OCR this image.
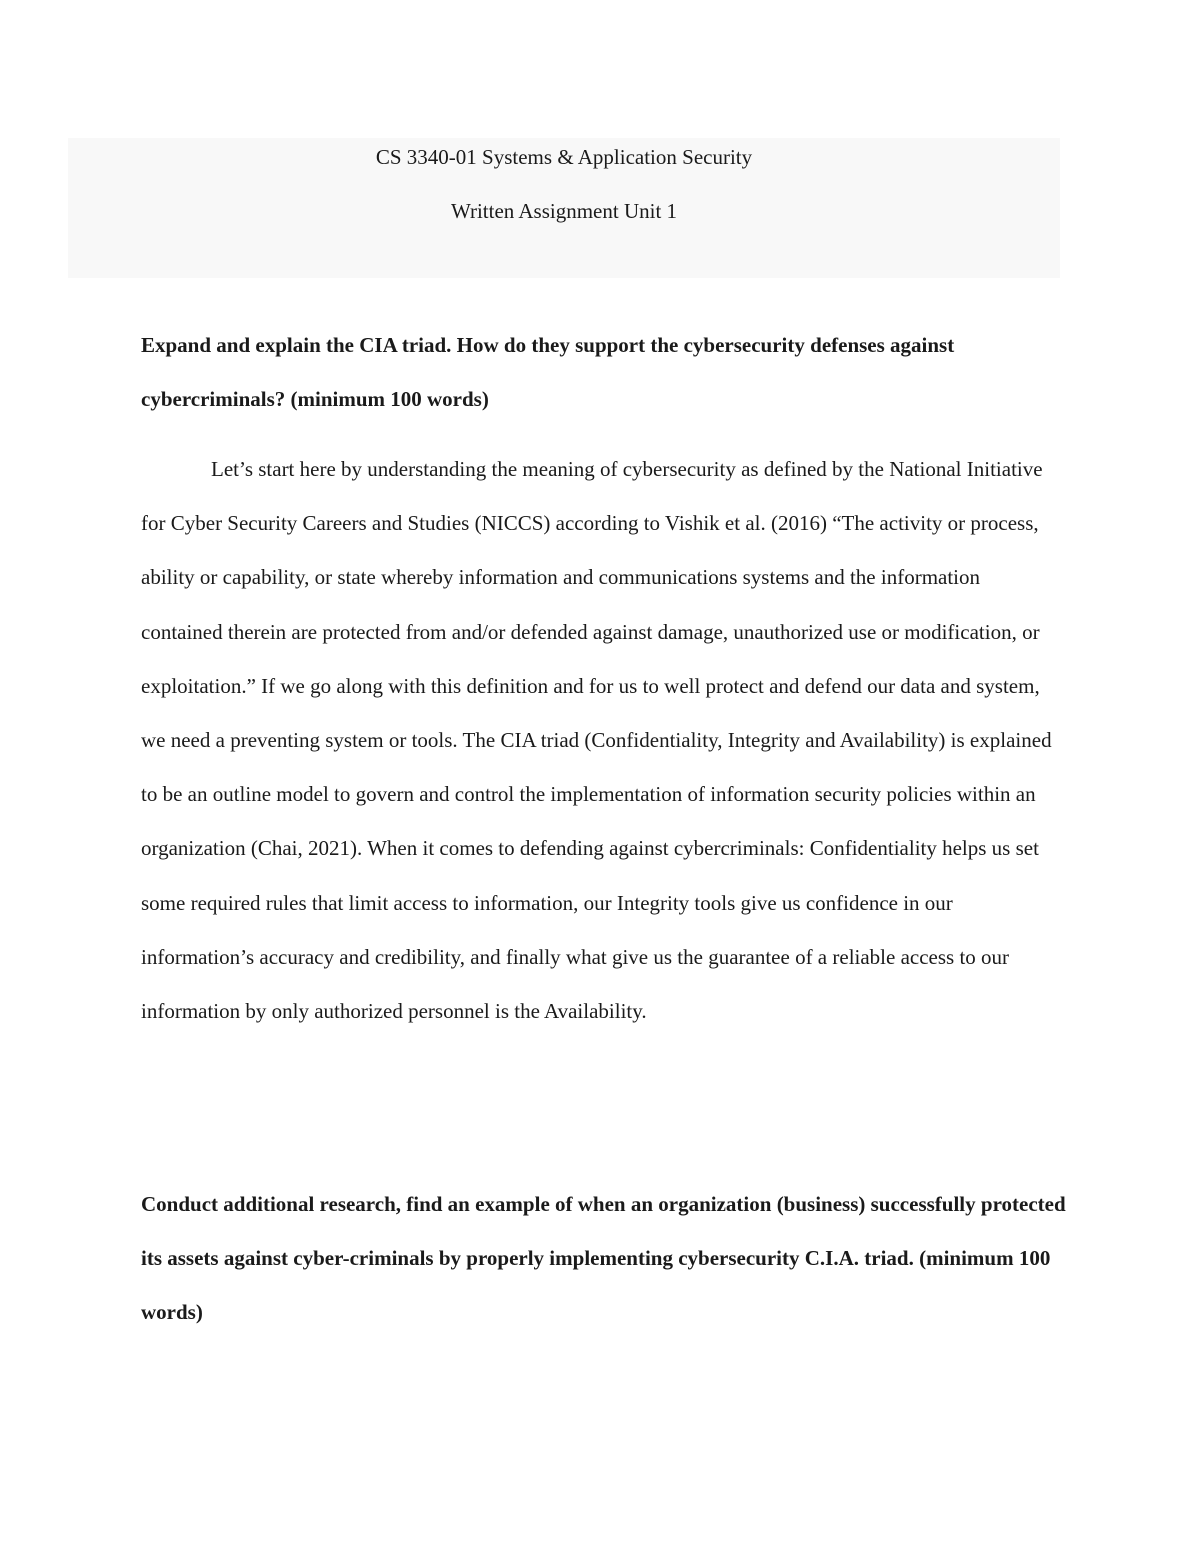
CS 3340-01 Systems & Application Security
Written Assignment Unit 1

Expand and explain the CIA triad. How do they support the cybersecurity defenses against cybercriminals? (minimum 100 words)

Let’s start here by understanding the meaning of cybersecurity as defined by the National Initiative for Cyber Security Careers and Studies (NICCS) according to Vishik et al. (2016) “The activity or process, ability or capability, or state whereby information and communications systems and the information contained therein are protected from and/or defended against damage, unauthorized use or modification, or exploitation.” If we go along with this definition and for us to well protect and defend our data and system, we need a preventing system or tools. The CIA triad (Confidentiality, Integrity and Availability) is explained to be an outline model to govern and control the implementation of information security policies within an organization (Chai, 2021). When it comes to defending against cybercriminals: Confidentiality helps us set some required rules that limit access to information, our Integrity tools give us confidence in our information’s accuracy and credibility, and finally what give us the guarantee of a reliable access to our information by only authorized personnel is the Availability.

Conduct additional research, find an example of when an organization (business) successfully protected its assets against cyber-criminals by properly implementing cybersecurity C.I.A. triad. (minimum 100 words)
